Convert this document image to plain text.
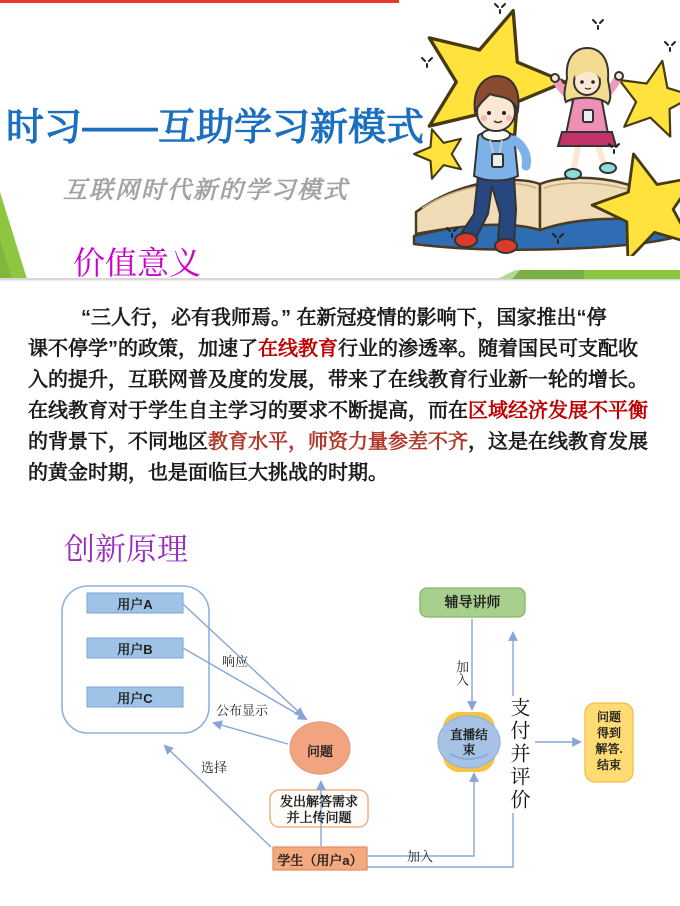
时习——互助学习新模式
互联网时代新的学习模式
价值意义
“三人行，必有我师焉。” 在新冠疫情的影响下，国家推出“停
课不停学”的政策，加速了在线教育行业的渗透率。随着国民可支配收
入的提升，互联网普及度的发展，带来了在线教育行业新一轮的增长。
在线教育对于学生自主学习的要求不断提高，而在区域经济发展不平衡
的背景下，不同地区教育水平，师资力量参差不齐，这是在线教育发展
的黄金时期，也是面临巨大挑战的时期。
创新原理
用户A
用户B
用户C
响应
公布显示
选择
问题
发出解答需求
并上传问题
学生（用户a）	加入
加入
辅导讲师
直播结
束	支付并评价	问题
得到
解答.
结束
